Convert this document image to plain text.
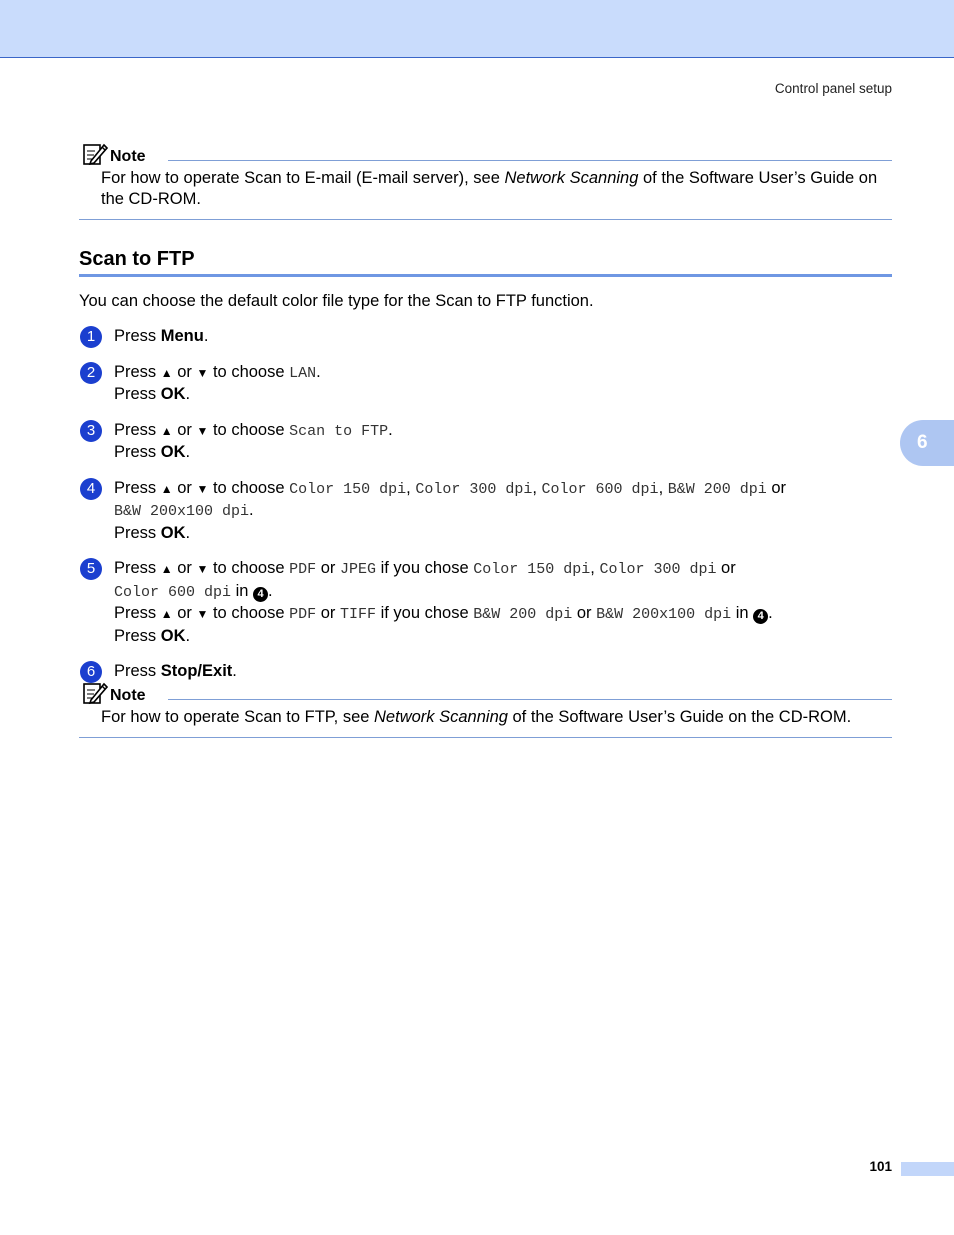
Control panel setup
Note
For how to operate Scan to E-mail (E-mail server), see Network Scanning of the Software User’s Guide on the CD-ROM.
Scan to FTP
You can choose the default color file type for the Scan to FTP function.
1	Press Menu.
2	Press ▲ or ▼ to choose LAN.
Press OK.
3	Press ▲ or ▼ to choose Scan to FTP.
Press OK.
4	Press ▲ or ▼ to choose Color 150 dpi, Color 300 dpi, Color 600 dpi, B&W 200 dpi or
B&W 200x100 dpi.
Press OK.
5	Press ▲ or ▼ to choose PDF or JPEG if you chose Color 150 dpi, Color 300 dpi or
Color 600 dpi in 4 .
Press ▲ or ▼ to choose PDF or TIFF if you chose B&W 200 dpi or B&W 200x100 dpi in 4 .
Press OK.
6	Press Stop/Exit.
Note
For how to operate Scan to FTP, see Network Scanning of the Software User’s Guide on the CD-ROM.
6
101
